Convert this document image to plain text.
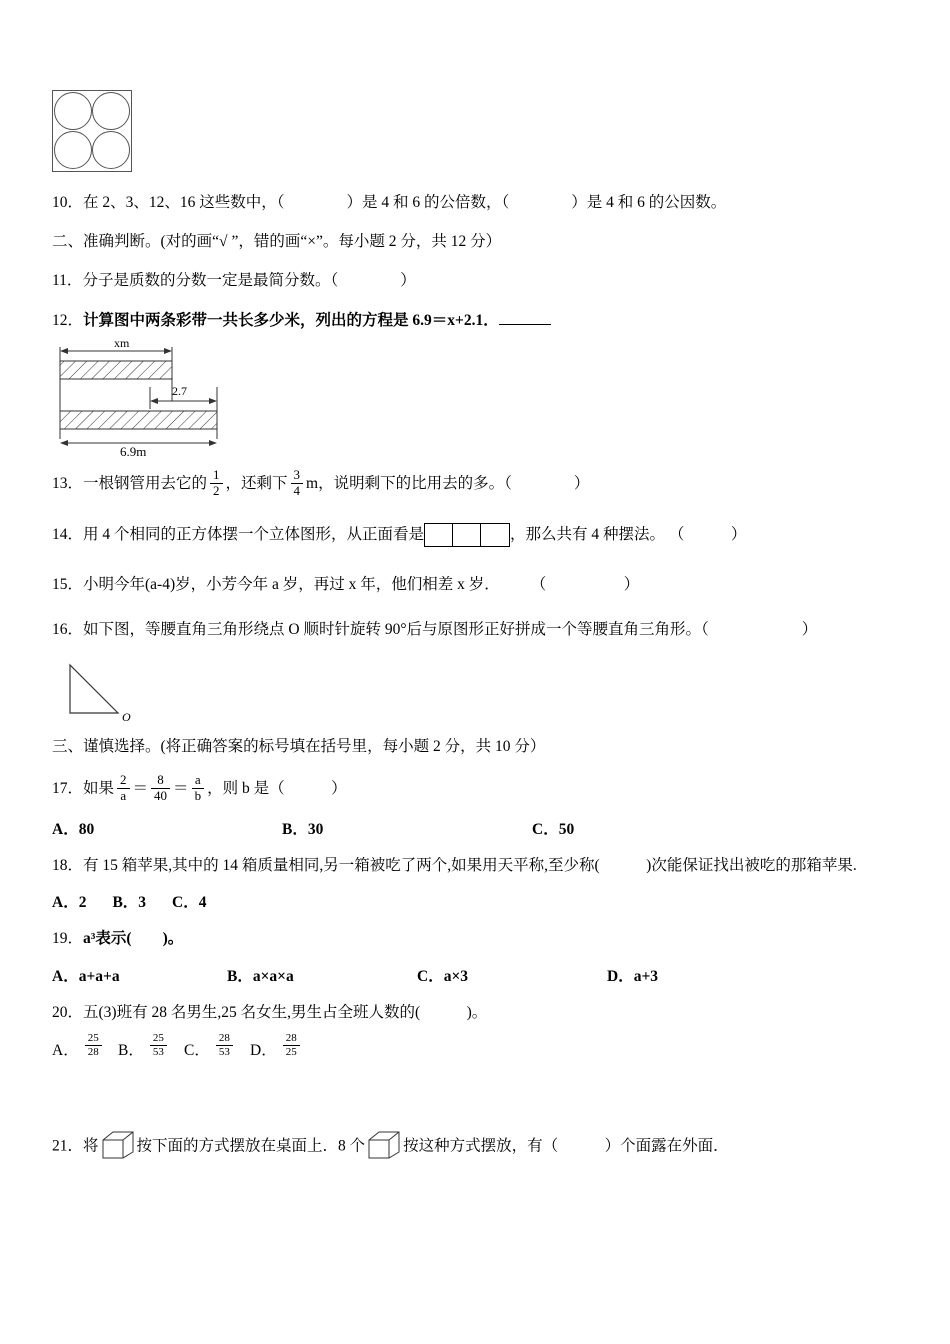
10．在 2、3、12、16 这些数中，（　　　　）是 4 和 6 的公倍数，（　　　　）是 4 和 6 的公因数。
二、准确判断。(对的画“√ ”，错的画“×”。每小题 2 分，共 12 分）
11．分子是质数的分数一定是最简分数。（　　　　）
12．计算图中两条彩带一共长多少米，列出的方程是 6.9＝x+2.1．
2.7
6.9m
xm
13．一根钢管用去它的 $\frac{1}{2}$ ，还剩下 $\frac{3}{4}$ m，说明剩下的比用去的多。（　　　　）
14．用 4 个相同的正方体摆一个立体图形，从正面看是	，那么共有 4 种摆法。 （　　　）
15．小明今年(a-4)岁，小芳今年 a 岁，再过 x 年，他们相差 x 岁．　　　（　　　　　）
16．如下图，等腰直角三角形绕点 O 顺时针旋转 90°后与原图形正好拼成一个等腰直角三角形。（　　　　　　）
O
三、谨慎选择。(将正确答案的标号填在括号里，每小题 2 分，共 10 分）
17．如果 $\frac{2}{a} = \frac{8}{40} = \frac{a}{b}$ ，则 b 是（　　　）
A．80	B．30	C．50
18．有 15 箱苹果,其中的 14 箱质量相同,另一箱被吃了两个,如果用天平称,至少称(　　　)次能保证找出被吃的那箱苹果.
A．2 B．3 C．4
19．a³表示(　　)。
A．a+a+a	B．a×a×a	C．a×3	D．a+3
20．五(3)班有 28 名男生,25 名女生,男生占全班人数的(　　　)。
A． $\frac{25}{28}$ B． $\frac{25}{53}$ C． $\frac{28}{53}$ D． $\frac{28}{25}$
21．将 按下面的方式摆放在桌面上．8 个 按这种方式摆放，有（　　　）个面露在外面．
